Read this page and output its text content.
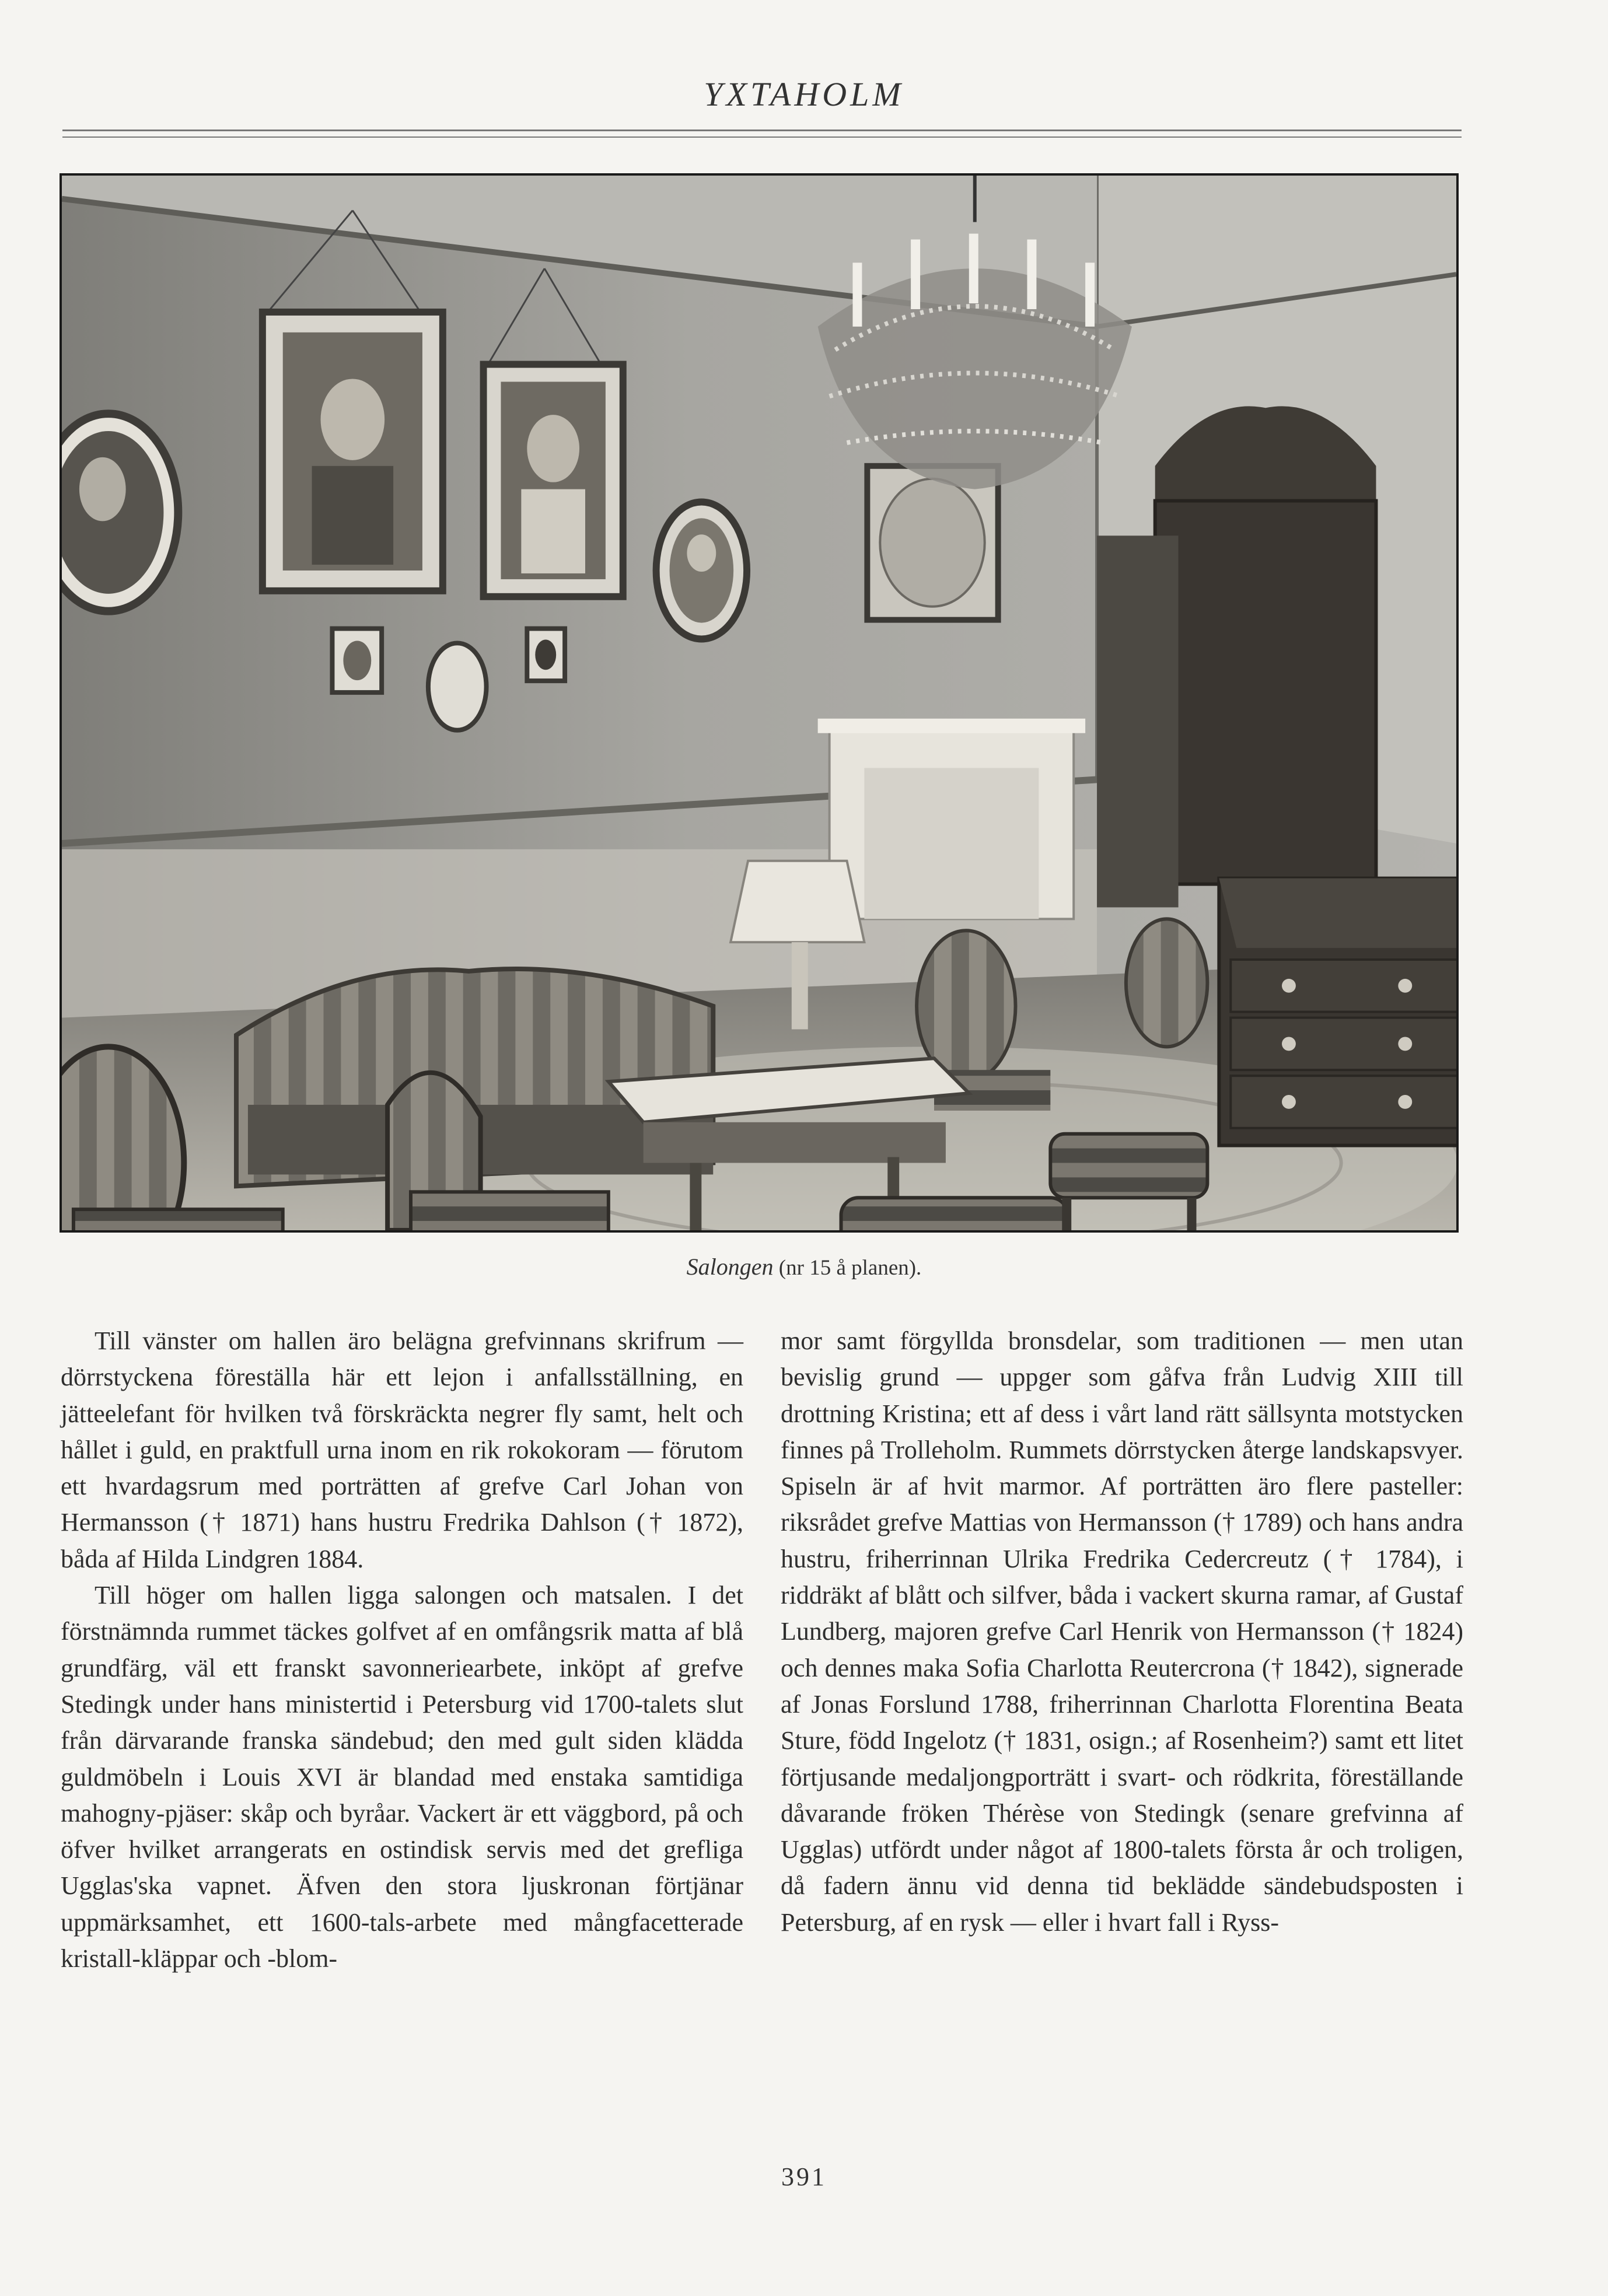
YXTAHOLM
Salongen (nr 15 å planen).

Till vänster om hallen äro belägna grefvinnans skrifrum — dörrstyckena föreställa här ett lejon i anfallsställning, en jätteelefant för hvilken två förskräckta negrer fly samt, helt och hållet i guld, en praktfull urna inom en rik rokokoram — förutom ett hvardagsrum med porträtten af grefve Carl Johan von Hermansson († 1871) hans hustru Fredrika Dahlson († 1872), båda af Hilda Lindgren 1884.

Till höger om hallen ligga salongen och matsalen. I det förstnämnda rummet täckes golfvet af en omfångsrik matta af blå grundfärg, väl ett franskt savonneriearbete, inköpt af grefve Stedingk under hans ministertid i Petersburg vid 1700-talets slut från därvarande franska sändebud; den med gult siden klädda guldmöbeln i Louis XVI är blandad med enstaka samtidiga mahogny-pjäser: skåp och byråar. Vackert är ett väggbord, på och öfver hvilket arrangerats en ostindisk servis med det grefliga Ugglas'ska vapnet. Äfven den stora ljuskronan förtjänar uppmärksamhet, ett 1600-tals-arbete med mångfacetterade kristall-kläppar och -blom-

mor samt förgyllda bronsdelar, som traditionen — men utan bevislig grund — uppger som gåfva från Ludvig XIII till drottning Kristina; ett af dess i vårt land rätt sällsynta motstycken finnes på Trolleholm. Rummets dörrstycken återge landskapsvyer. Spiseln är af hvit marmor. Af porträtten äro flere pasteller: riksrådet grefve Mattias von Hermansson († 1789) och hans andra hustru, friherrinnan Ulrika Fredrika Cedercreutz († 1784), i riddräkt af blått och silfver, båda i vackert skurna ramar, af Gustaf Lundberg, majoren grefve Carl Henrik von Hermansson († 1824) och dennes maka Sofia Charlotta Reutercrona († 1842), signerade af Jonas Forslund 1788, friherrinnan Charlotta Florentina Beata Sture, född Ingelotz († 1831, osign.; af Rosenheim?) samt ett litet förtjusande medaljongporträtt i svart- och rödkrita, föreställande dåvarande fröken Thérèse von Stedingk (senare grefvinna af Ugglas) utfördt under något af 1800-talets första år och troligen, då fadern ännu vid denna tid beklädde sändebudsposten i Petersburg, af en rysk — eller i hvart fall i Ryss-

391
